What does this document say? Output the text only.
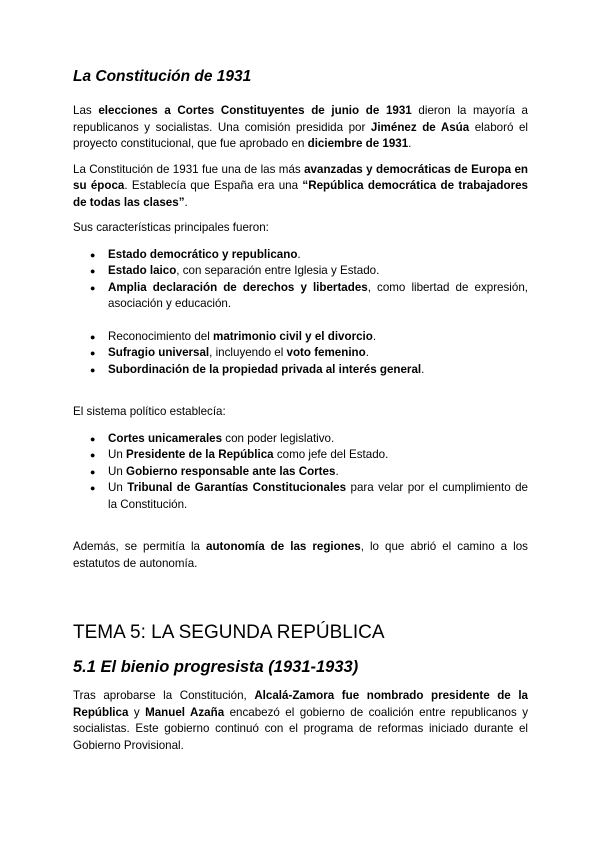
La Constitución de 1931

Las elecciones a Cortes Constituyentes de junio de 1931 dieron la mayoría a republicanos y socialistas. Una comisión presidida por Jiménez de Asúa elaboró el proyecto constitucional, que fue aprobado en diciembre de 1931.

La Constitución de 1931 fue una de las más avanzadas y democráticas de Europa en su época. Establecía que España era una “República democrática de trabajadores de todas las clases”.

Sus características principales fueron:

● Estado democrático y republicano.
● Estado laico, con separación entre Iglesia y Estado.
● Amplia declaración de derechos y libertades, como libertad de expresión, asociación y educación.
● Reconocimiento del matrimonio civil y el divorcio.
● Sufragio universal, incluyendo el voto femenino.
● Subordinación de la propiedad privada al interés general.

El sistema político establecía:

● Cortes unicamerales con poder legislativo.
● Un Presidente de la República como jefe del Estado.
● Un Gobierno responsable ante las Cortes.
● Un Tribunal de Garantías Constitucionales para velar por el cumplimiento de la Constitución.

Además, se permitía la autonomía de las regiones, lo que abrió el camino a los estatutos de autonomía.

TEMA 5: LA SEGUNDA REPÚBLICA
5.1 El bienio progresista (1931-1933)

Tras aprobarse la Constitución, Alcalá-Zamora fue nombrado presidente de la República y Manuel Azaña encabezó el gobierno de coalición entre republicanos y socialistas. Este gobierno continuó con el programa de reformas iniciado durante el Gobierno Provisional.
